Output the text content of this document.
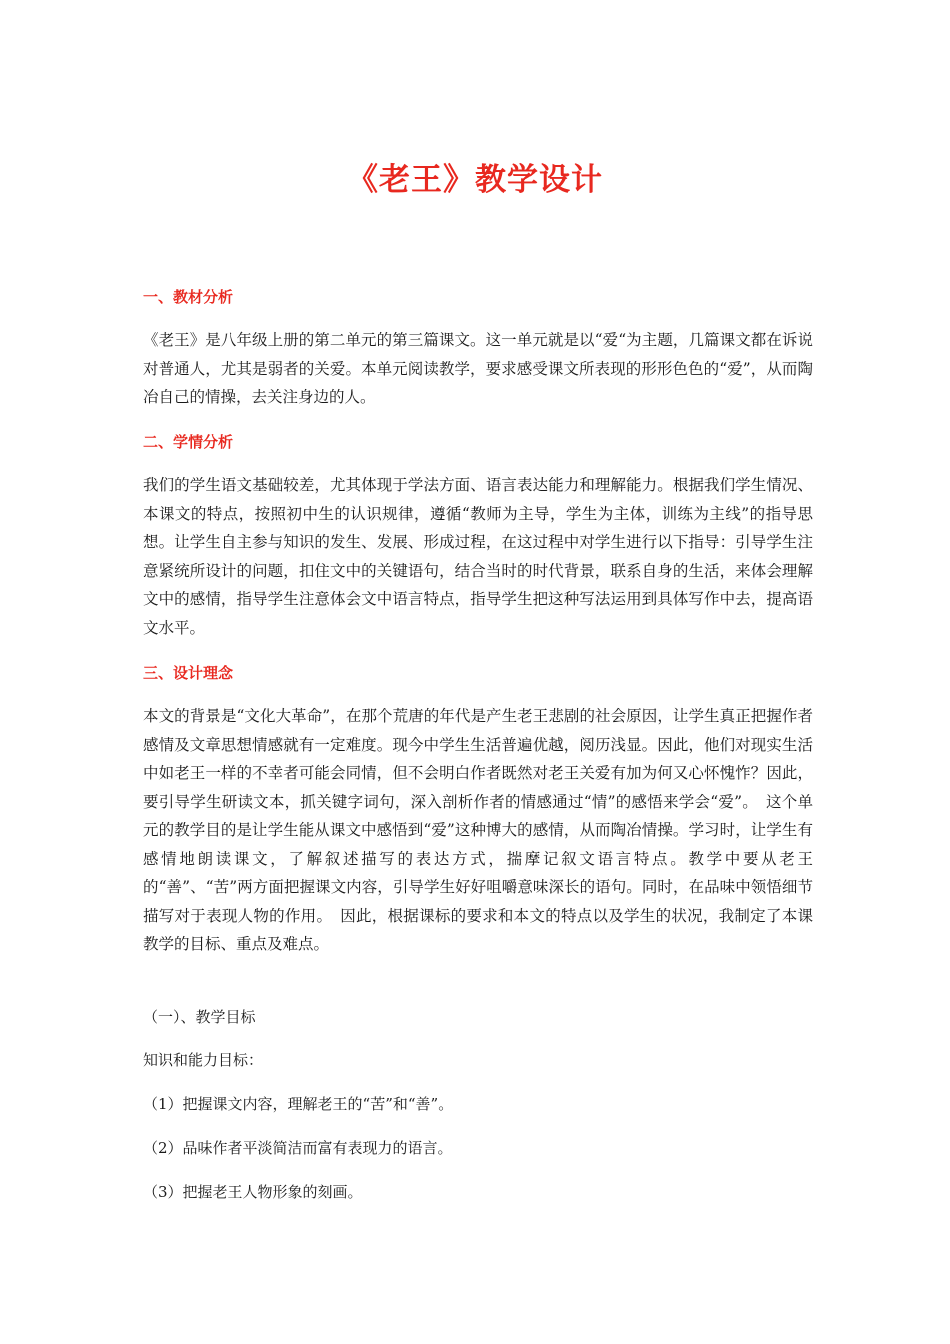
《老王》教学设计
一、教材分析

《老王》是八年级上册的第二单元的第三篇课文。这一单元就是以“爱“为主题，几篇课文都在诉说对普通人，尤其是弱者的关爱。本单元阅读教学，要求感受课文所表现的形形色色的“爱”，从而陶冶自己的情操，去关注身边的人。

二、学情分析

我们的学生语文基础较差，尤其体现于学法方面、语言表达能力和理解能力。根据我们学生情况、本课文的特点，按照初中生的认识规律，遵循“教师为主导，学生为主体，训练为主线”的指导思想。让学生自主参与知识的发生、发展、形成过程，在这过程中对学生进行以下指导：引导学生注意紧统所设计的问题，扣住文中的关键语句，结合当时的时代背景，联系自身的生活，来体会理解文中的感情，指导学生注意体会文中语言特点，指导学生把这种写法运用到具体写作中去，提高语文水平。

三、设计理念

本文的背景是“文化大革命”，在那个荒唐的年代是产生老王悲剧的社会原因，让学生真正把握作者感情及文章思想情感就有一定难度。现今中学生生活普遍优越，阅历浅显。因此，他们对现实生活中如老王一样的不幸者可能会同情，但不会明白作者既然对老王关爱有加为何又心怀愧怍？因此，要引导学生研读文本，抓关键字词句，深入剖析作者的情感通过“情”的感悟来学会“爱”。　这个单元的教学目的是让学生能从课文中感悟到“爱”这种博大的感情，从而陶冶情操。学习时，让学生有感情地朗读课文，了解叙述描写的表达方式，揣摩记叙文语言特点。教学中要从老王的“善”、“苦”两方面把握课文内容，引导学生好好咀嚼意味深长的语句。同时，在品味中领悟细节描写对于表现人物的作用。　因此，根据课标的要求和本文的特点以及学生的状况，我制定了本课教学的目标、重点及难点。

（一）、教学目标

知识和能力目标：

（1）把握课文内容，理解老王的“苦”和“善”。

（2）品味作者平淡简洁而富有表现力的语言。

（3）把握老王人物形象的刻画。
